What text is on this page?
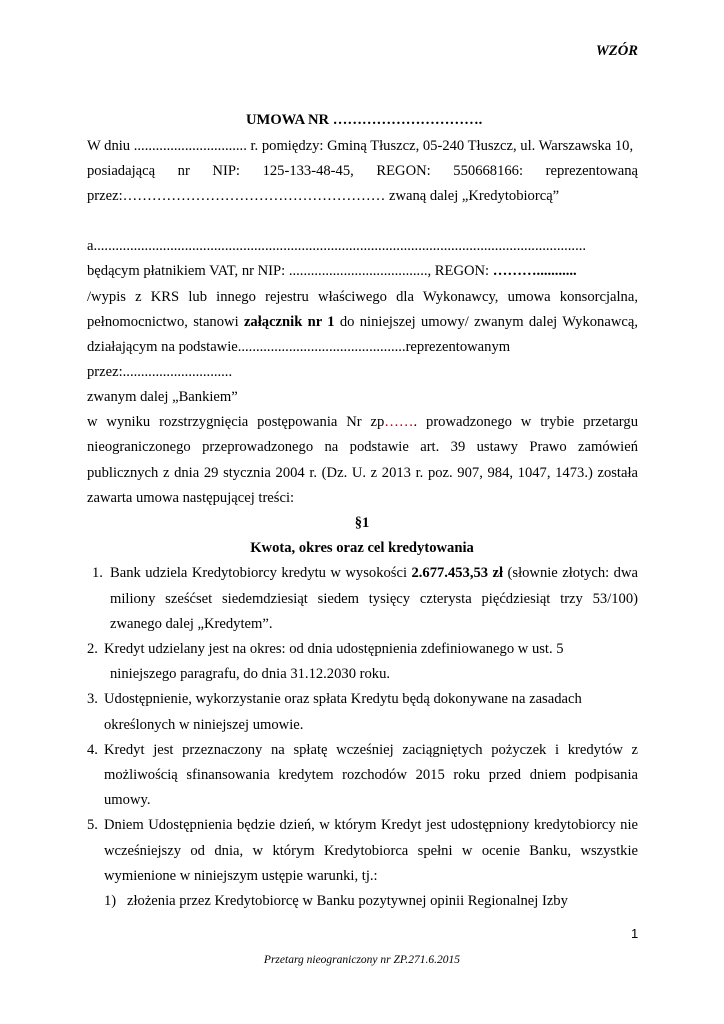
WZÓR
UMOWA NR ………………………….
W dniu ............................... r. pomiędzy: Gminą Tłuszcz, 05-240 Tłuszcz, ul. Warszawska 10,
posiadającą nr NIP: 125-133-48-45, REGON: 550668166: reprezentowaną
przez:……………………………………………… zwaną dalej „Kredytobiorcą”
a.......................................................................................................................................
będącym płatnikiem VAT, nr NIP: ......................................, REGON: ………...........
/wypis z KRS lub innego rejestru właściwego dla Wykonawcy, umowa konsorcjalna,
pełnomocnictwo, stanowi załącznik nr 1 do niniejszej umowy/ zwanym dalej Wykonawcą,
działającym na podstawie..............................................reprezentowanym
przez:..............................
zwanym dalej „Bankiem”
w wyniku rozstrzygnięcia postępowania Nr zp……. prowadzonego w trybie przetargu
nieograniczonego przeprowadzonego na podstawie art. 39 ustawy Prawo zamówień
publicznych z dnia 29 stycznia 2004 r. (Dz. U. z 2013 r. poz. 907, 984, 1047, 1473.) została
zawarta umowa następującej treści:
§1
Kwota, okres oraz cel kredytowania
1. Bank udziela Kredytobiorcy kredytu w wysokości 2.677.453,53 zł (słownie złotych: dwa
miliony sześćset siedemdziesiąt siedem tysięcy czterysta pięćdziesiąt trzy 53/100)
zwanego dalej „Kredytem”.
2. Kredyt udzielany jest na okres: od dnia udostępnienia zdefiniowanego w ust. 5
niniejszego paragrafu, do dnia 31.12.2030 roku.
3. Udostępnienie, wykorzystanie oraz spłata Kredytu będą dokonywane na zasadach
określonych w niniejszej umowie.
4. Kredyt jest przeznaczony na spłatę wcześniej zaciągniętych pożyczek i kredytów z
możliwością sfinansowania kredytem rozchodów 2015 roku przed dniem podpisania
umowy.
5. Dniem Udostępnienia będzie dzień, w którym Kredyt jest udostępniony kredytobiorcy nie
wcześniejszy od dnia, w którym Kredytobiorca spełni w ocenie Banku, wszystkie
wymienione w niniejszym ustępie warunki, tj.:
1) złożenia przez Kredytobiorcę w Banku pozytywnej opinii Regionalnej Izby
1
Przetarg nieograniczony nr ZP.271.6.2015
